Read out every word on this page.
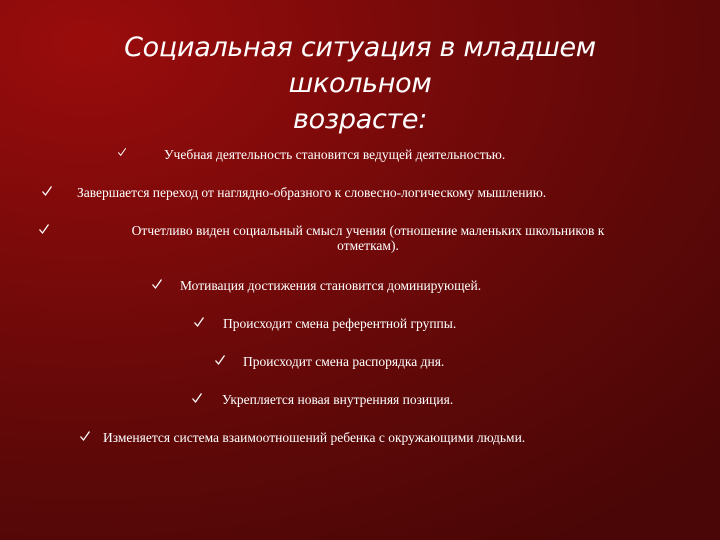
Социальная ситуация в младшем школьном
возрасте:
Учебная деятельность становится ведущей деятельностью.
Завершается переход от наглядно-образного к словесно-логическому мышлению.
Отчетливо виден социальный смысл учения (отношение маленьких школьников к
отметкам).
Мотивация достижения становится доминирующей.
Происходит смена референтной группы.
Происходит смена распорядка дня.
Укрепляется новая внутренняя позиция.
Изменяется система взаимоотношений ребенка с окружающими людьми.
